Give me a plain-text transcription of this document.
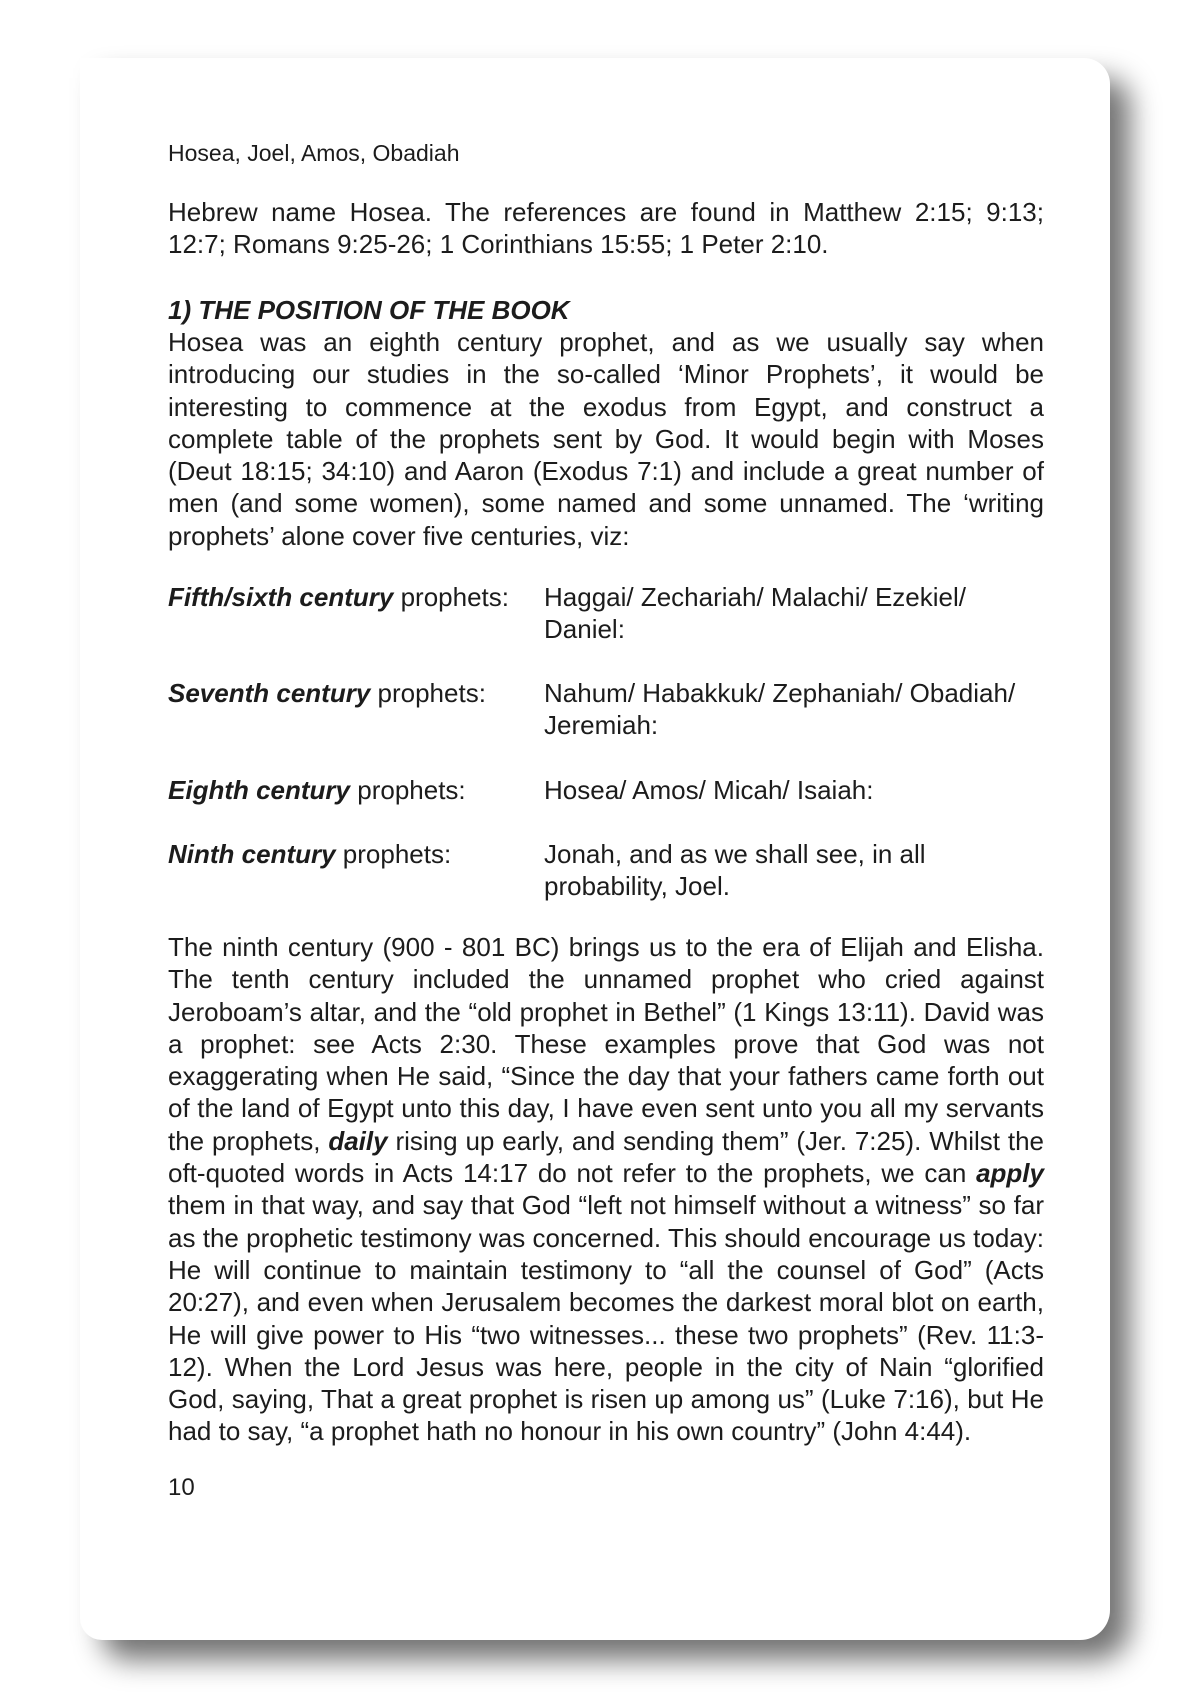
Hosea, Joel, Amos, Obadiah
Hebrew name Hosea. The references are found in Matthew 2:15; 9:13; 12:7; Romans 9:25-26; 1 Corinthians 15:55; 1 Peter 2:10.
1) THE POSITION OF THE BOOK
Hosea was an eighth century prophet, and as we usually say when introducing our studies in the so-called ‘Minor Prophets’, it would be interesting to commence at the exodus from Egypt, and construct a complete table of the prophets sent by God. It would begin with Moses (Deut 18:15; 34:10) and Aaron (Exodus 7:1) and include a great number of men (and some women), some named and some unnamed. The ‘writing prophets’ alone cover five centuries, viz:
Fifth/sixth century prophets: Haggai/ Zechariah/ Malachi/ Ezekiel/ Daniel:
Seventh century prophets: Nahum/ Habakkuk/ Zephaniah/ Obadiah/ Jeremiah:
Eighth century prophets:	Hosea/ Amos/ Micah/ Isaiah:
Ninth century prophets:	Jonah, and as we shall see, in all probability, Joel.
The ninth century (900 - 801 BC) brings us to the era of Elijah and Elisha. The tenth century included the unnamed prophet who cried against Jeroboam’s altar, and the “old prophet in Bethel” (1 Kings 13:11). David was a prophet: see Acts 2:30. These examples prove that God was not exaggerating when He said, “Since the day that your fathers came forth out of the land of Egypt unto this day, I have even sent unto you all my servants the prophets, daily rising up early, and sending them” (Jer. 7:25). Whilst the oft-quoted words in Acts 14:17 do not refer to the prophets, we can apply them in that way, and say that God “left not himself without a witness” so far as the prophetic testimony was concerned. This should encourage us today: He will continue to maintain testimony to “all the counsel of God” (Acts 20:27), and even when Jerusalem becomes the darkest moral blot on earth, He will give power to His “two witnesses... these two prophets” (Rev. 11:3-12). When the Lord Jesus was here, people in the city of Nain “glorified God, saying, That a great prophet is risen up among us” (Luke 7:16), but He had to say, “a prophet hath no honour in his own country” (John 4:44).
10
